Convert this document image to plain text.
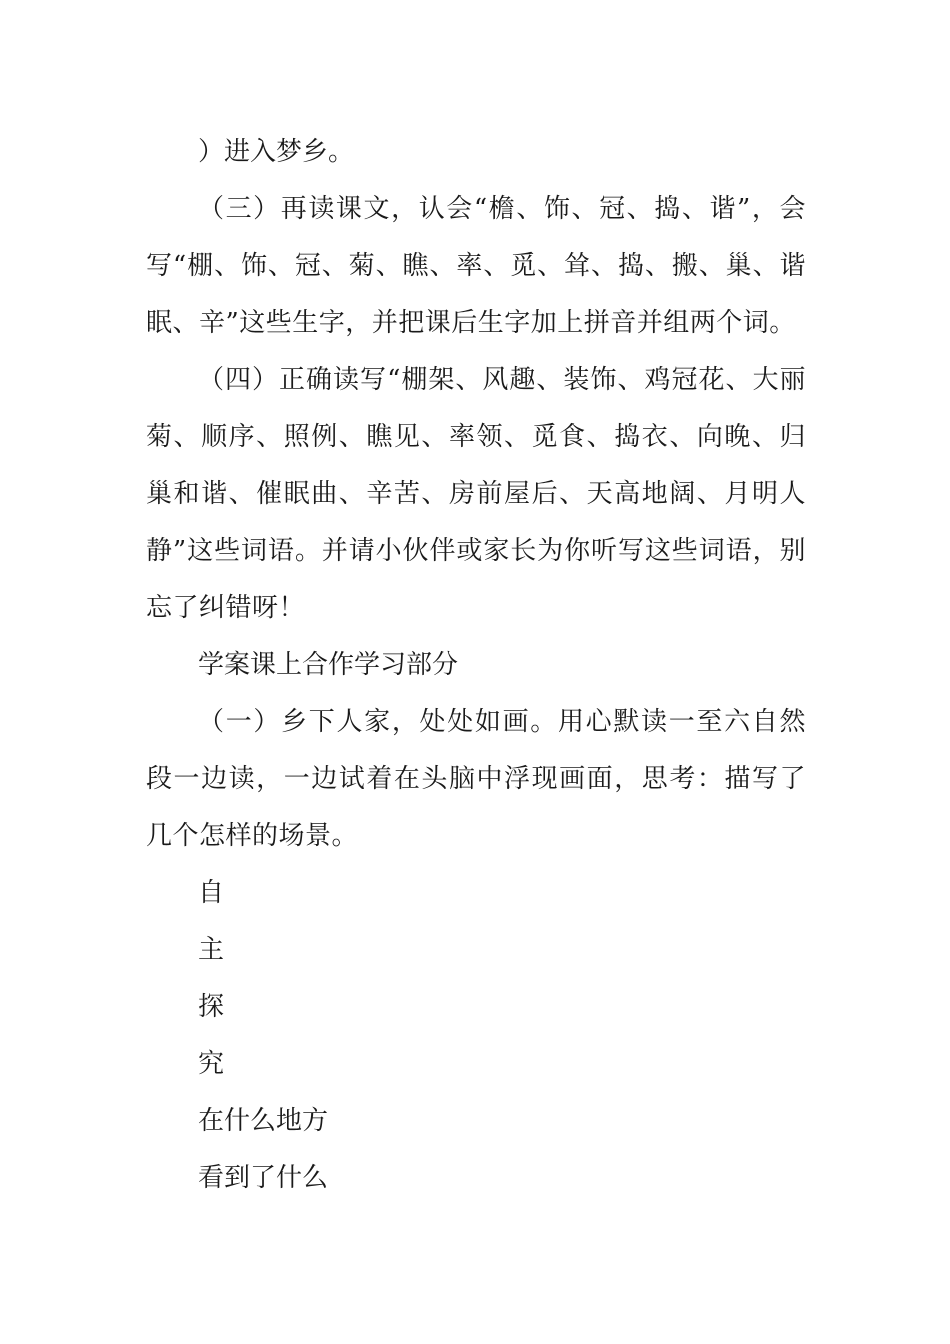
）进入梦乡。

（三）再读课文，认会“檐、饰、冠、捣、谐”，会写“棚、饰、冠、菊、瞧、率、觅、耸、捣、搬、巢、谐眠、辛”这些生字，并把课后生字加上拼音并组两个词。

（四）正确读写“棚架、风趣、装饰、鸡冠花、大丽菊、顺序、照例、瞧见、率领、觅食、捣衣、向晚、归巢和谐、催眠曲、辛苦、房前屋后、天高地阔、月明人静”这些词语。并请小伙伴或家长为你听写这些词语，别忘了纠错呀！

学案课上合作学习部分

（一）乡下人家，处处如画。用心默读一至六自然段一边读，一边试着在头脑中浮现画面，思考：描写了几个怎样的场景。

自

主

探

究

在什么地方

看到了什么
